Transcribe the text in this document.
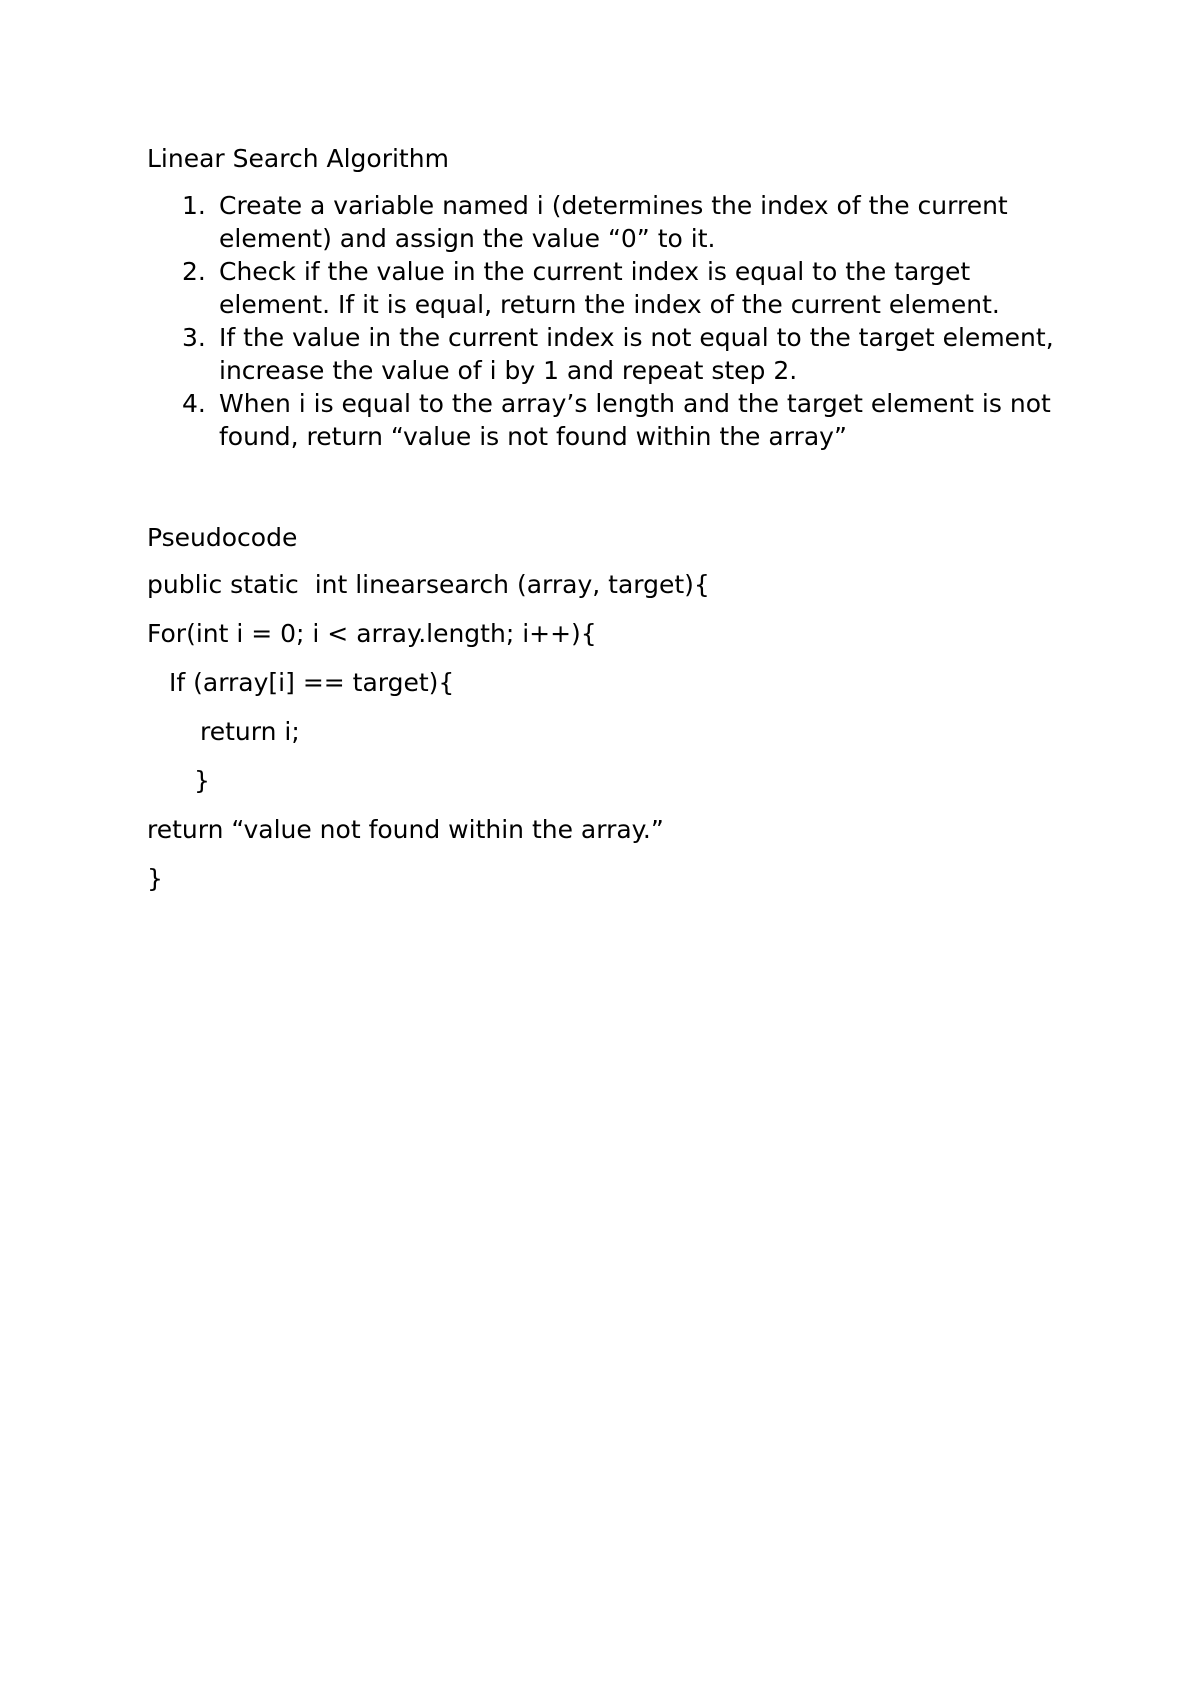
Linear Search Algorithm
1. Create a variable named i (determines the index of the current
element) and assign the value “0” to it.
2. Check if the value in the current index is equal to the target
element. If it is equal, return the index of the current element.
3. If the value in the current index is not equal to the target element,
increase the value of i by 1 and repeat step 2.
4. When i is equal to the array’s length and the target element is not
found, return “value is not found within the array”
Pseudocode
public static  int linearsearch (array, target){
For(int i = 0; i < array.length; i++){
If (array[i] == target){
return i;
}
return “value not found within the array.”
}
